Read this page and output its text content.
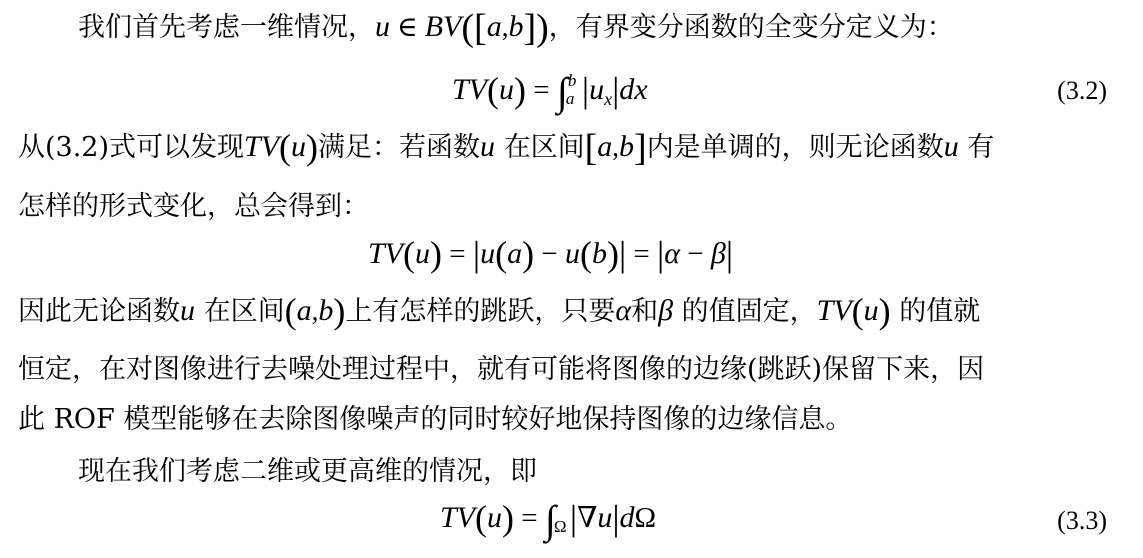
我们首先考虑一维情况，u ∈ BV([a,b])，有界变分函数的全变分定义为：
TV(u) = ∫ b
a $|u_x|dx$	(3.2)
从(3.2)式可以发现TV(u)满足：若函数u 在区间[a,b]内是单调的，则无论函数u 有
怎样的形式变化，总会得到：
TV(u) = |u(a) − u(b)| = |α − β|
因此无论函数u 在区间(a,b)上有怎样的跳跃，只要α和β 的值固定，TV(u) 的值就
恒定，在对图像进行去噪处理过程中，就有可能将图像的边缘(跳跃)保留下来，因
此 ROF 模型能够在去除图像噪声的同时较好地保持图像的边缘信息。
现在我们考虑二维或更高维的情况，即
TV(u) = ∫
Ω |∇u|dΩ	(3.3)
